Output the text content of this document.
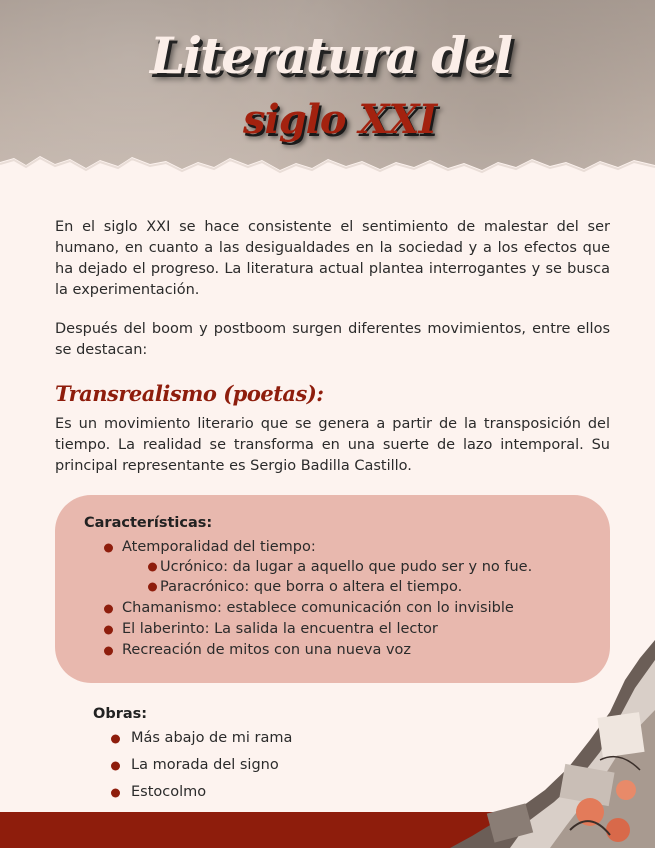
Literatura del
siglo XXI

En el siglo XXI se hace consistente el sentimiento de malestar del ser humano, en cuanto a las desigualdades en la sociedad y a los efectos que ha dejado el progreso. La literatura actual plantea interrogantes y se busca la experimentación.

Después del boom y postboom surgen diferentes movimientos, entre ellos se destacan:

Transrealismo (poetas):

Es un movimiento literario que se genera a partir de la transposición del tiempo. La realidad se transforma en una suerte de lazo intemporal. Su principal representante es Sergio Badilla Castillo.

Características:
Atemporalidad del tiempo:
Ucrónico: da lugar a aquello que pudo ser y no fue.
Paracrónico: que borra o altera el tiempo.
Chamanismo: establece comunicación con lo invisible
El laberinto: La salida la encuentra el lector
Recreación de mitos con una nueva voz
Obras:
Más abajo de mi rama
La morada del signo
Estocolmo
